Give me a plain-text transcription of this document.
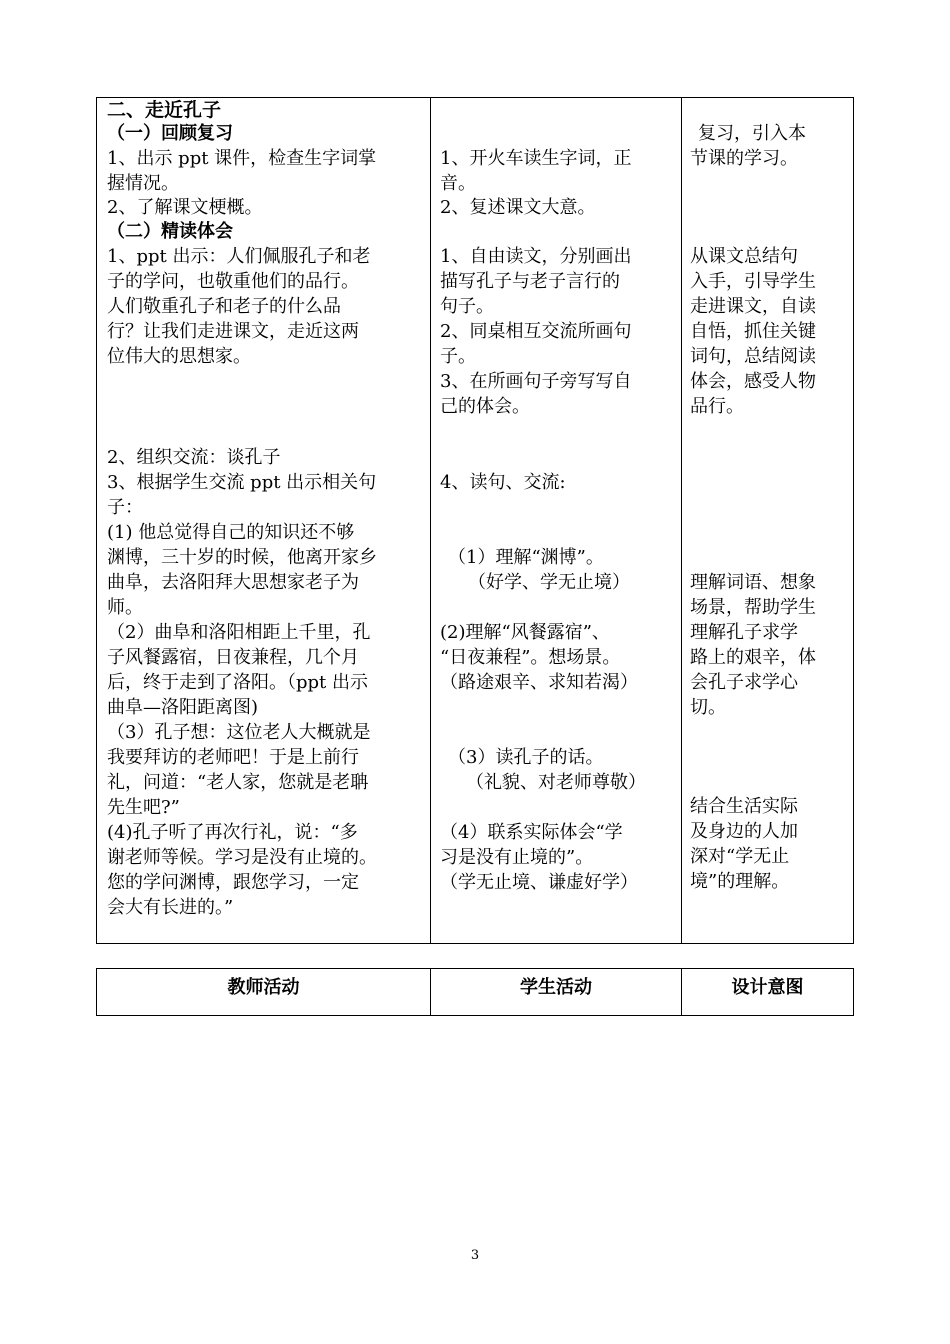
二、走近孔子
（一）回顾复习
1、出示 ppt 课件，检查生字词掌
握情况。
2、了解课文梗概。
（二）精读体会
1、ppt 出示：人们佩服孔子和老
子的学问，也敬重他们的品行。
人们敬重孔子和老子的什么品
行？让我们走进课文，走近这两
位伟大的思想家。
2、组织交流：谈孔子
3、根据学生交流 ppt 出示相关句
子：
(1) 他总觉得自己的知识还不够
渊博，三十岁的时候，他离开家乡
曲阜，去洛阳拜大思想家老子为
师。
（2）曲阜和洛阳相距上千里，孔
子风餐露宿，日夜兼程，几个月
后，终于走到了洛阳。（ppt 出示
曲阜—洛阳距离图)
（3）孔子想：这位老人大概就是
我要拜访的老师吧！于是上前行
礼，问道：“老人家，您就是老聃
先生吧?”
(4)孔子听了再次行礼，说：“多
谢老师等候。学习是没有止境的。
您的学问渊博，跟您学习，一定
会大有长进的。”
1、开火车读生字词，正
音。
2、复述课文大意。
1、自由读文，分别画出
描写孔子与老子言行的
句子。
2、同桌相互交流所画句
子。
3、在所画句子旁写写自
己的体会。
4、读句、交流:
（1）理解“渊博”。
（好学、学无止境）
(2)理解“风餐露宿”、
“日夜兼程”。想场景。
（路途艰辛、求知若渴）
（3）读孔子的话。
（礼貌、对老师尊敬）
（4）联系实际体会“学
习是没有止境的”。
（学无止境、谦虚好学）
复习，引入本
节课的学习。
从课文总结句
入手，引导学生
走进课文，自读
自悟，抓住关键
词句，总结阅读
体会，感受人物
品行。
理解词语、想象
场景，帮助学生
理解孔子求学
路上的艰辛，体
会孔子求学心
切。
结合生活实际
及身边的人加
深对“学无止
境”的理解。
教师活动	学生活动	设计意图
3
